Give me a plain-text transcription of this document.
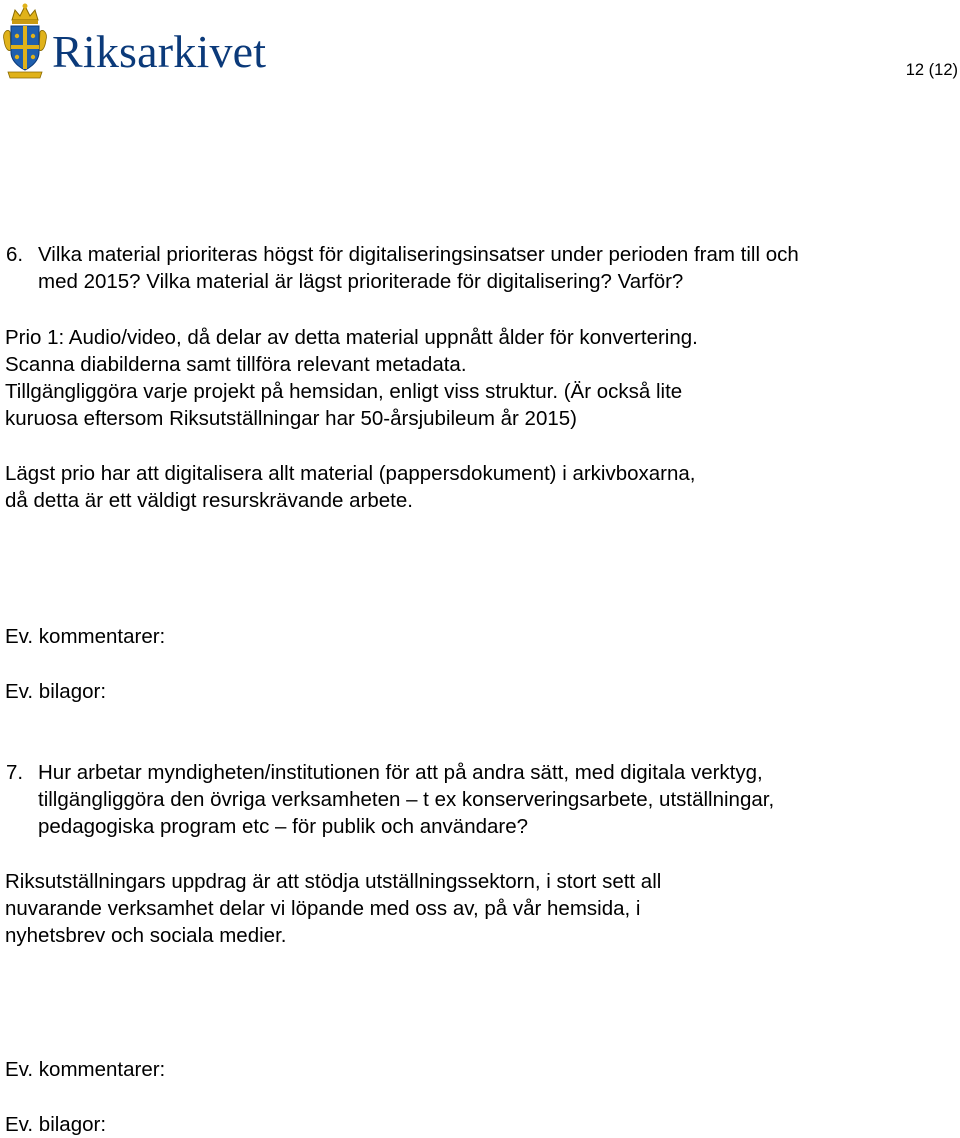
Riksarkivet	12 (12)
6. Vilka material prioriteras högst för digitaliseringsinsatser under perioden fram till och
med 2015? Vilka material är lägst prioriterade för digitalisering? Varför?
Prio 1: Audio/video, då delar av detta material uppnått ålder för konvertering.
Scanna diabilderna samt tillföra relevant metadata.
Tillgängliggöra varje projekt på hemsidan, enligt viss struktur. (Är också lite
kuruosa eftersom Riksutställningar har 50-årsjubileum år 2015)
Lägst prio har att digitalisera allt material (pappersdokument) i arkivboxarna,
då detta är ett väldigt resurskrävande arbete.
Ev. kommentarer:
Ev. bilagor:
7. Hur arbetar myndigheten/institutionen för att på andra sätt, med digitala verktyg,
tillgängliggöra den övriga verksamheten – t ex konserveringsarbete, utställningar,
pedagogiska program etc – för publik och användare?
Riksutställningars uppdrag är att stödja utställningssektorn, i stort sett all
nuvarande verksamhet delar vi löpande med oss av, på vår hemsida, i
nyhetsbrev och sociala medier.
Ev. kommentarer:
Ev. bilagor:
